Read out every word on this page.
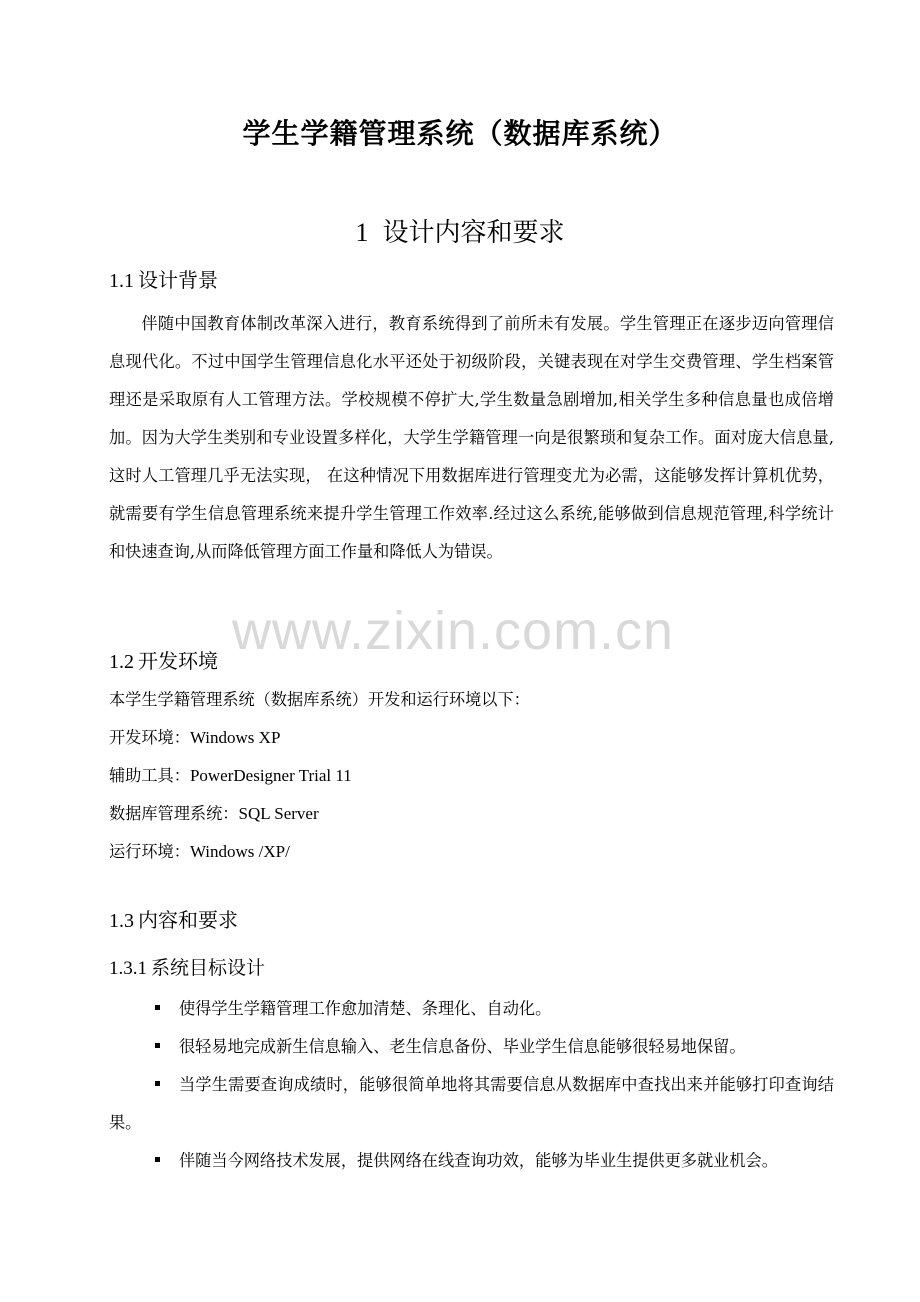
学生学籍管理系统（数据库系统）
1 设计内容和要求
1.1 设计背景

伴随中国教育体制改革深入进行，教育系统得到了前所未有发展。学生管理正在逐步迈向管理信息现代化。不过中国学生管理信息化水平还处于初级阶段，关键表现在对学生交费管理、学生档案管理还是采取原有人工管理方法。学校规模不停扩大,学生数量急剧增加,相关学生多种信息量也成倍增加。因为大学生类别和专业设置多样化，大学生学籍管理一向是很繁琐和复杂工作。面对庞大信息量, 这时人工管理几乎无法实现， 在这种情况下用数据库进行管理变尤为必需，这能够发挥计算机优势，就需要有学生信息管理系统来提升学生管理工作效率.经过这么系统,能够做到信息规范管理,科学统计和快速查询,从而降低管理方面工作量和降低人为错误。

www.zixin.com.cn
1.2 开发环境
本学生学籍管理系统（数据库系统）开发和运行环境以下：
开发环境：Windows XP
辅助工具：PowerDesigner Trial 11
数据库管理系统：SQL Server
运行环境：Windows /XP/
1.3 内容和要求
1.3.1 系统目标设计
使得学生学籍管理工作愈加清楚、条理化、自动化。
很轻易地完成新生信息输入、老生信息备份、毕业学生信息能够很轻易地保留。
当学生需要查询成绩时，能够很简单地将其需要信息从数据库中查找出来并能够打印查询结果。
伴随当今网络技术发展，提供网络在线查询功效，能够为毕业生提供更多就业机会。
